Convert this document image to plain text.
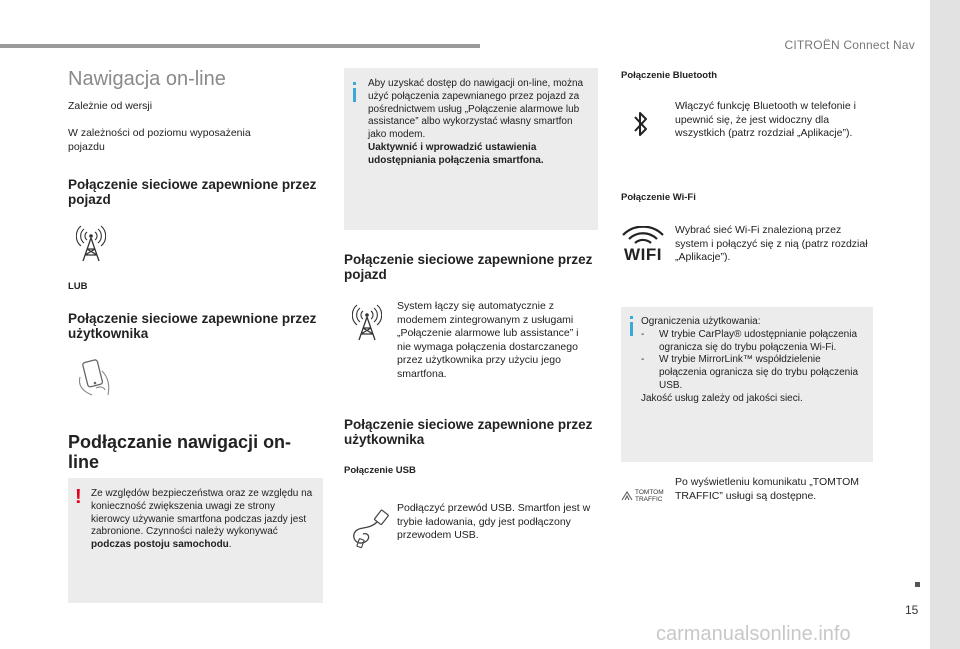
CITROËN Connect Nav
15
carmanualsonline.info
Nawigacja on-line
Zależnie od wersji
W zależności od poziomu wyposażenia pojazdu
Połączenie sieciowe zapewnione przez pojazd
LUB
Połączenie sieciowe zapewnione przez użytkownika
Podłączanie nawigacji on-line
! Ze względów bezpieczeństwa oraz ze względu na konieczność zwiększenia uwagi ze strony kierowcy używanie smartfona podczas jazdy jest zabronione. Czynności należy wykonywać podczas postoju samochodu.
Aby uzyskać dostęp do nawigacji on-line, można użyć połączenia zapewnianego przez pojazd za pośrednictwem usług „Połączenie alarmowe lub assistance” albo wykorzystać własny smartfon jako modem.
Uaktywnić i wprowadzić ustawienia udostępniania połączenia smartfona.
Połączenie sieciowe zapewnione przez pojazd
System łączy się automatycznie z modemem zintegrowanym z usługami „Połączenie alarmowe lub assistance” i nie wymaga połączenia dostarczanego przez użytkownika przy użyciu jego smartfona.
Połączenie sieciowe zapewnione przez użytkownika
Połączenie USB
Podłączyć przewód USB. Smartfon jest w trybie ładowania, gdy jest podłączony przewodem USB.
Połączenie Bluetooth
Włączyć funkcję Bluetooth w telefonie i upewnić się, że jest widoczny dla wszystkich (patrz rozdział „Aplikacje”).
Połączenie Wi-Fi
WIFI
Wybrać sieć Wi-Fi znalezioną przez system i połączyć się z nią (patrz rozdział „Aplikacje”).
Ograniczenia użytkowania:
- W trybie CarPlay® udostępnianie połączenia ogranicza się do trybu połączenia Wi-Fi.
- W trybie MirrorLink™ współdzielenie połączenia ogranicza się do trybu połączenia USB.
Jakość usług zależy od jakości sieci.
TOMTOM
TRAFFIC
Po wyświetleniu komunikatu „TOMTOM TRAFFIC” usługi są dostępne.
